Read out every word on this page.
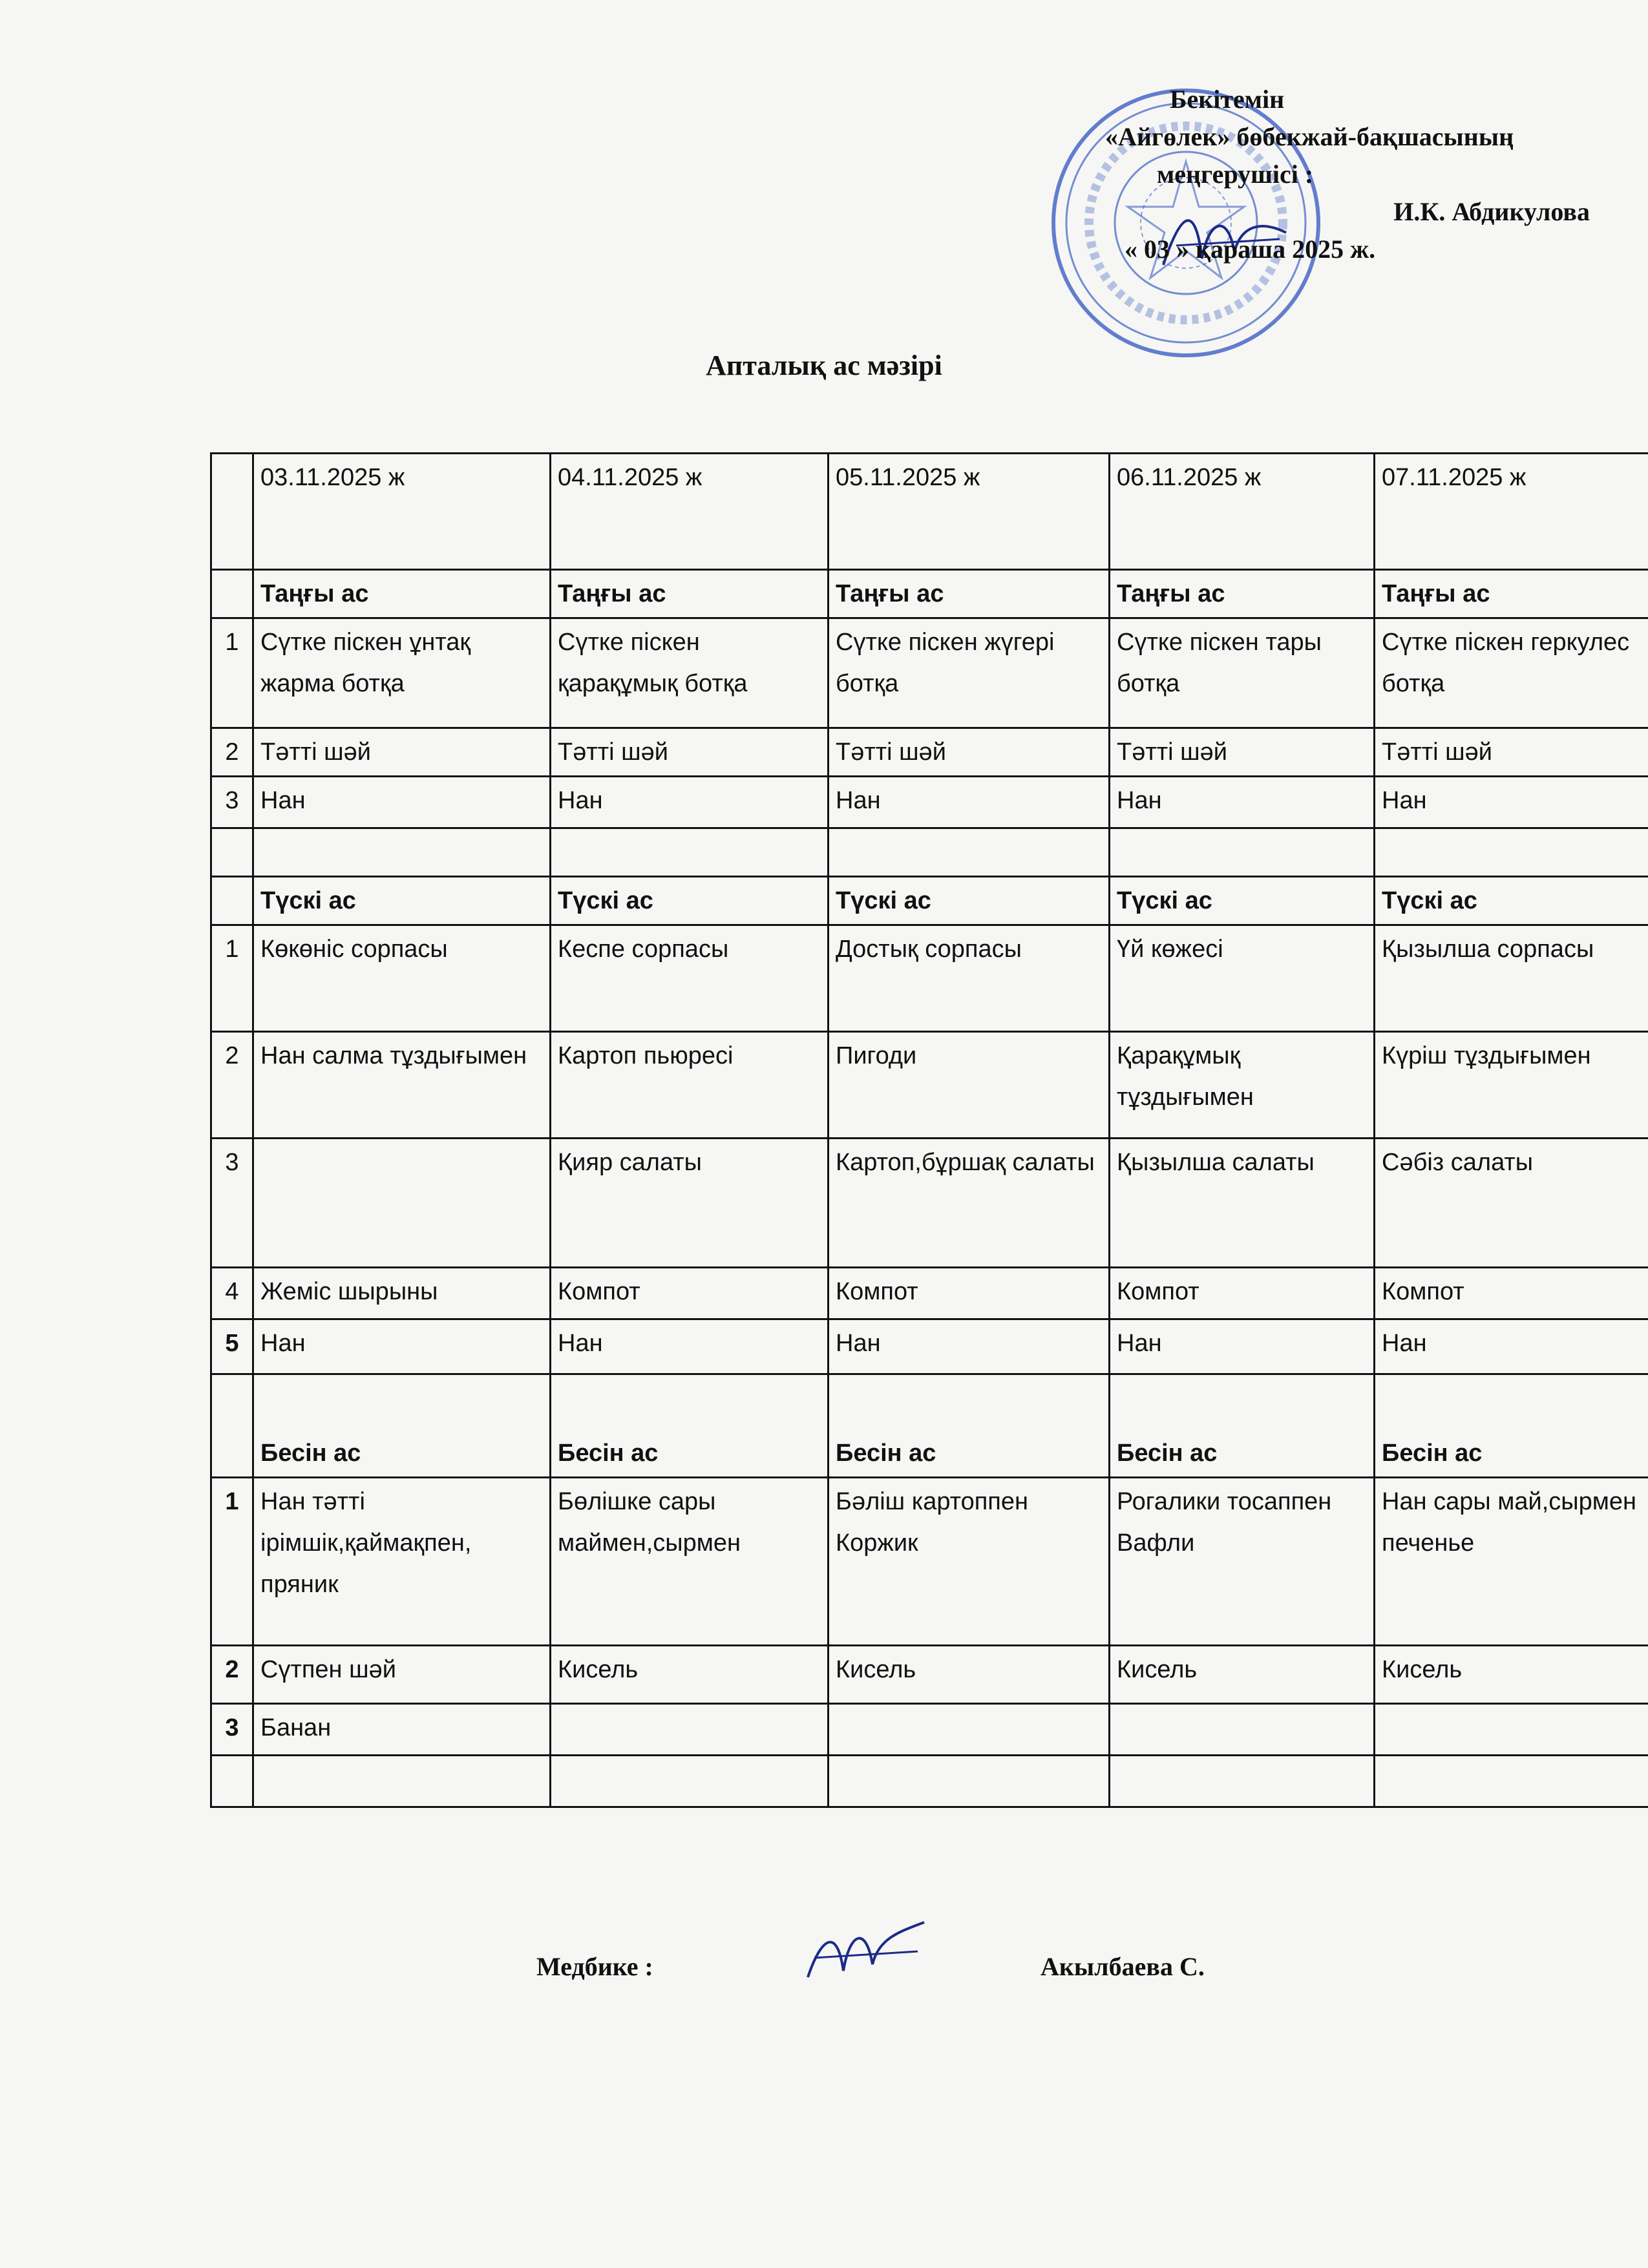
Бекітемін
«Айгөлек» бөбекжай-бақшасының
меңгерушісі :
И.К. Абдикулова
« 03 » қараша 2025 ж.
Апталық ас мәзірі
	03.11.2025 ж	04.11.2025 ж	05.11.2025 ж	06.11.2025 ж	07.11.2025 ж
	Таңғы ас	Таңғы ас	Таңғы ас	Таңғы ас	Таңғы ас
1	Сүтке піскен ұнтақ жарма ботқа	Сүтке піскен қарақұмық ботқа	Сүтке піскен жүгері ботқа	Сүтке піскен тары ботқа	Сүтке піскен геркулес ботқа
2	Тәтті шәй	Тәтті шәй	Тәтті шәй	Тәтті шәй	Тәтті шәй
3	Нан	Нан	Нан	Нан	Нан

	Түскі ас	Түскі ас	Түскі ас	Түскі ас	Түскі ас
1	Көкөніс сорпасы	Кеспе сорпасы	Достық сорпасы	Үй көжесі	Қызылша сорпасы
2	Нан салма тұздығымен	Картоп пьюресі	Пигоди	Қарақұмық тұздығымен	Күріш тұздығымен
3		Қияр салаты	Картоп,бұршақ салаты	Қызылша салаты	Сәбіз салаты
4	Жеміс шырыны	Компот	Компот	Компот	Компот
5	Нан	Нан	Нан	Нан	Нан
	Бесін ас	Бесін ас	Бесін ас	Бесін ас	Бесін ас
1	Нан тәтті ірімшік,қаймақпен, пряник	Бөлішке сары маймен,сырмен	Бәліш картоппен Коржик	Рогалики тосаппен Вафли	Нан сары май,сырмен печенье
2	Сүтпен шәй	Кисель	Кисель	Кисель	Кисель
3	Банан				

Медбике :	Акылбаева С.
